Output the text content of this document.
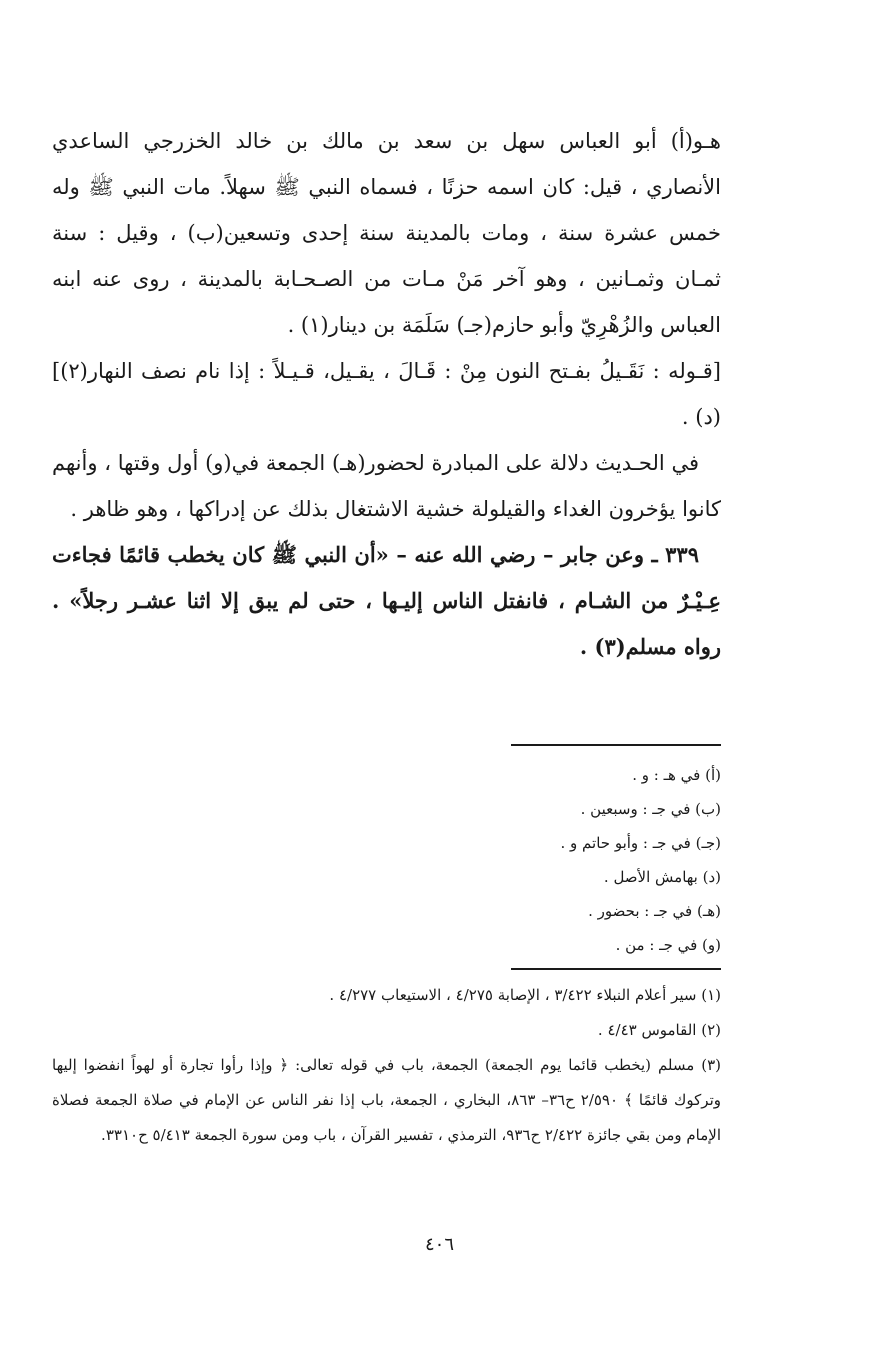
هـو(أ) أبو العباس سهل بن سعد بن مالك بن خالد الخزرجي الساعدي الأنصاري ، قيل: كان اسمه حزنًا ، فسماه النبي ﷺ سهلاً. مات النبي ﷺ وله خمس عشرة سنة ، ومات بالمدينة سنة إحدى وتسعين(ب) ، وقيل : سنة ثمـان وثمـانين ، وهو آخر مَنْ مـات من الصـحـابة بالمدينة ، روى عنه ابنه العباس والزُهْرِيّ وأبو حازم(جـ) سَلَمَة بن دينار(١) .

[قـوله : نَقَـيلُ بفـتح النون مِنْ : قَـالَ ، يقـيل، قـيـلاً : إذا نام نصف النهار(٢)](د) .

في الحـديث دلالة على المبادرة لحضور(هـ) الجمعة في(و) أول وقتها ، وأنهم كانوا يؤخرون الغداء والقيلولة خشية الاشتغال بذلك عن إدراكها ، وهو ظاهر .

٣٣٩ ـ وعن جابر – رضي الله عنه – «أن النبي ﷺ كان يخطب قائمًا فجاءت عِـيْـرٌ من الشـام ، فانفتل الناس إليـها ، حتى لم يبق إلا اثنا عشـر رجلاً» . رواه مسلم(٣) .

(أ) في هـ : و .
(ب) في جـ : وسبعين .
(جـ) في جـ : وأبو حاتم و .
(د) بهامش الأصل .
(هـ) في جـ : بحضور .
(و) في جـ : من .

(١) سير أعلام النبلاء ٣/٤٢٢ ، الإصابة ٤/٢٧٥ ، الاستيعاب ٤/٢٧٧ .

(٢) القاموس ٤/٤٣ .

(٣) مسلم (يخطب قائما يوم الجمعة) الجمعة، باب في قوله تعالى: ﴿ وإذا رأوا تجارة أو لهواً انفضوا إليها وتركوك قائمًا ﴾ ٢/٥٩٠ ح٣٦– ٨٦٣، البخاري ، الجمعة، باب إذا نفر الناس عن الإمام في صلاة الجمعة فصلاة الإمام ومن بقي جائزة ٢/٤٢٢ ح٩٣٦، الترمذي ، تفسير القرآن ، باب ومن سورة الجمعة ٥/٤١٣ ح٣٣١٠.

٤٠٦
